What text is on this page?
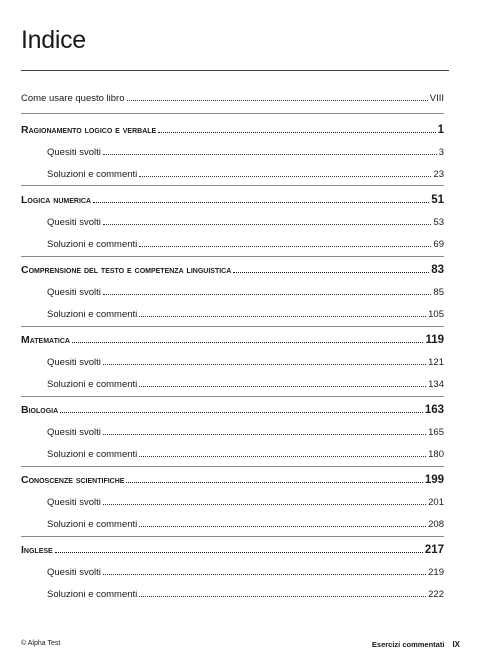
Indice
Come usare questo libro	VIII
Ragionamento logico e verbale	1
Quesiti svolti	3
Soluzioni e commenti	23
Logica numerica	51
Quesiti svolti	53
Soluzioni e commenti	69
Comprensione del testo e competenza linguistica	83
Quesiti svolti	85
Soluzioni e commenti	105
Matematica	119
Quesiti svolti	121
Soluzioni e commenti	134
Biologia	163
Quesiti svolti	165
Soluzioni e commenti	180
Conoscenze scientifiche	199
Quesiti svolti	201
Soluzioni e commenti	208
Inglese	217
Quesiti svolti	219
Soluzioni e commenti	222
© Alpha Test	Esercizi commentati IX
